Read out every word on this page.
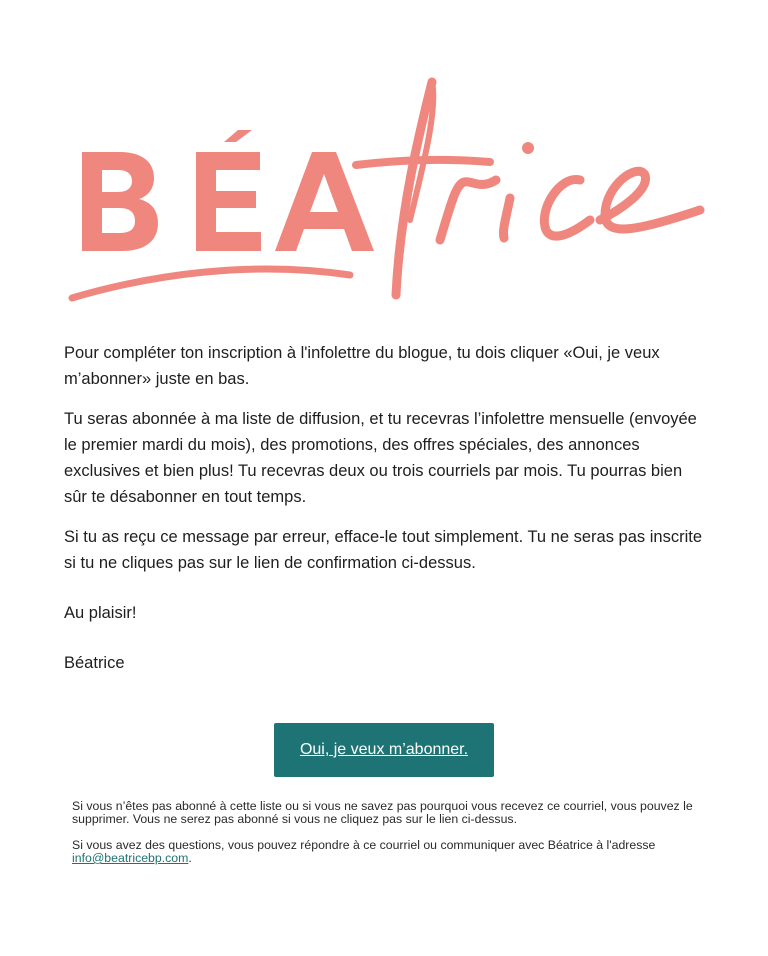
Pour compléter ton inscription à l'infolettre du blogue, tu dois cliquer «Oui, je veux m’abonner» juste en bas.

Tu seras abonnée à ma liste de diffusion, et tu recevras l’infolettre mensuelle (envoyée le premier mardi du mois), des promotions, des offres spéciales, des annonces exclusives et bien plus! Tu recevras deux ou trois courriels par mois. Tu pourras bien sûr te désabonner en tout temps.

Si tu as reçu ce message par erreur, efface-le tout simplement. Tu ne seras pas inscrite si tu ne cliques pas sur le lien de confirmation ci-dessus.

Au plaisir!

Béatrice

Oui, je veux m’abonner.

Si vous n’êtes pas abonné à cette liste ou si vous ne savez pas pourquoi vous recevez ce courriel, vous pouvez le supprimer. Vous ne serez pas abonné si vous ne cliquez pas sur le lien ci-dessus.

Si vous avez des questions, vous pouvez répondre à ce courriel ou communiquer avec Béatrice à l'adresse info@beatricebp.com.
